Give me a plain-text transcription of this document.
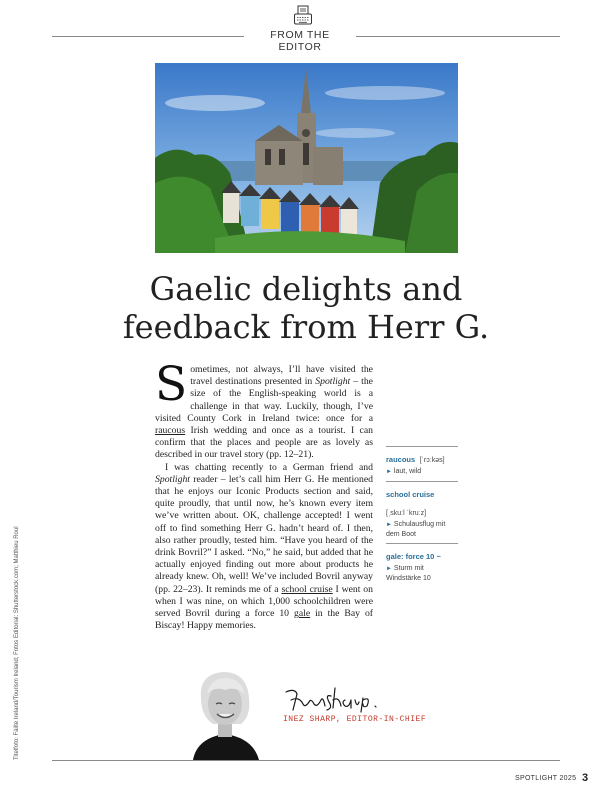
FROM THE EDITOR
Gaelic delights and
feedback from Herr G.

Sometimes, not always, I’ll have visited the travel destinations presented in Spotlight – the size of the English-speaking world is a challenge in that way. Luckily, though, I’ve visited County Cork in Ireland twice: once for a raucous Irish wedding and once as a tourist. I can confirm that the places and people are as lovely as described in our travel story (pp. 12–21).

I was chatting recently to a German friend and Spotlight reader – let’s call him Herr G. He mentioned that he enjoys our Iconic Products section and said, quite proudly, that until now, he’s known every item we’ve written about. OK, challenge accepted! I went off to find something Herr G. hadn’t heard of. I then, also rather proudly, tested him. “Have you heard of the drink Bovril?” I asked. “No,” he said, but added that he actually enjoyed finding out more about products he already knew. Oh, well! We’ve included Bovril anyway (pp. 22–23). It reminds me of a school cruise I went on when I was nine, on which 1,000 schoolchildren were served Bovril during a force 10 gale in the Bay of Biscay! Happy memories.

raucous [ˈrɔːkəs]
► laut, wild
school cruise
[ˌskuːl ˈkruːz]
► Schulausflug mit dem Boot
gale: force 10 ~
► Sturm mit Windstärke 10
INEZ SHARP, EDITOR-IN-CHIEF
Titelfoto: Fáilte Ireland/Tourism Ireland; Fotos Editorial: Shutterstock.com; Matthieu Roul
SPOTLIGHT 2025 3
